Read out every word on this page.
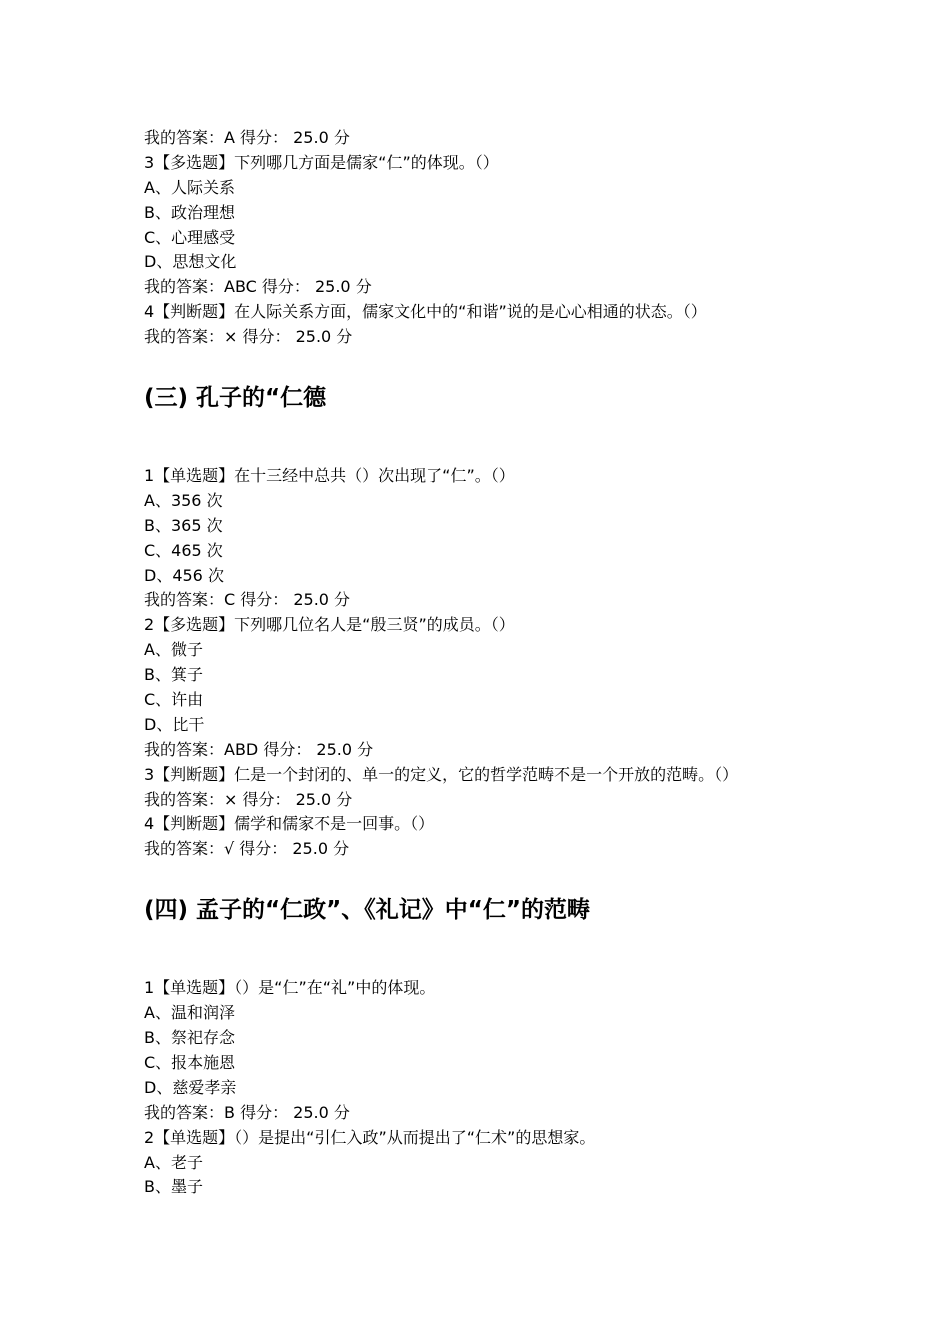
我的答案：A 得分： 25.0 分
3【多选题】下列哪几方面是儒家“仁”的体现。（）
A、人际关系
B、政治理想
C、心理感受
D、思想文化
我的答案：ABC 得分： 25.0 分
4【判断题】在人际关系方面，儒家文化中的“和谐”说的是心心相通的状态。（）
我的答案：× 得分： 25.0 分
(三) 孔子的“仁德
1【单选题】在十三经中总共（）次出现了“仁”。（）
A、356 次
B、365 次
C、465 次
D、456 次
我的答案：C 得分： 25.0 分
2【多选题】下列哪几位名人是“殷三贤”的成员。（）
A、微子
B、箕子
C、许由
D、比干
我的答案：ABD 得分： 25.0 分
3【判断题】仁是一个封闭的、单一的定义，它的哲学范畴不是一个开放的范畴。（）
我的答案：× 得分： 25.0 分
4【判断题】儒学和儒家不是一回事。（）
我的答案：√ 得分： 25.0 分
(四) 孟子的“仁政”、《礼记》中“仁”的范畴
1【单选题】（）是“仁”在“礼”中的体现。
A、温和润泽
B、祭祀存念
C、报本施恩
D、慈爱孝亲
我的答案：B 得分： 25.0 分
2【单选题】（）是提出“引仁入政”从而提出了“仁术”的思想家。
A、老子
B、墨子
